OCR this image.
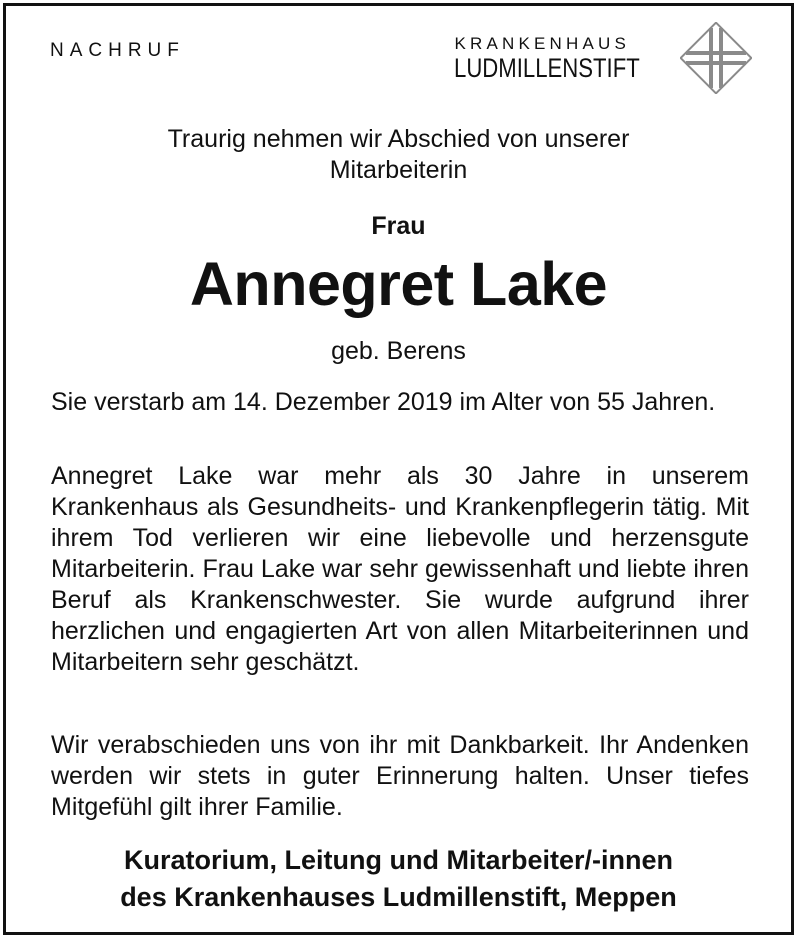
NACHRUF	KRANKENHAUS
LUDMILLENSTIFT

Traurig nehmen wir Abschied von unserer
Mitarbeiterin

Frau

Annegret Lake

geb. Berens

Sie verstarb am 14. Dezember 2019 im Alter von 55 Jahren.

Annegret Lake war mehr als 30 Jahre in unserem Krankenhaus als Gesundheits- und Krankenpflegerin tätig. Mit ihrem Tod verlieren wir eine liebevolle und herzensgute Mitarbeiterin. Frau Lake war sehr gewissenhaft und liebte ihren Beruf als Krankenschwester. Sie wurde aufgrund ihrer herzlichen und engagierten Art von allen Mitarbeiterinnen und Mitarbeitern sehr geschätzt.

Wir verabschieden uns von ihr mit Dankbarkeit. Ihr Andenken werden wir stets in guter Erinnerung halten. Unser tiefes Mitgefühl gilt ihrer Familie.

Kuratorium, Leitung und Mitarbeiter/-innen
des Krankenhauses Ludmillenstift, Meppen
